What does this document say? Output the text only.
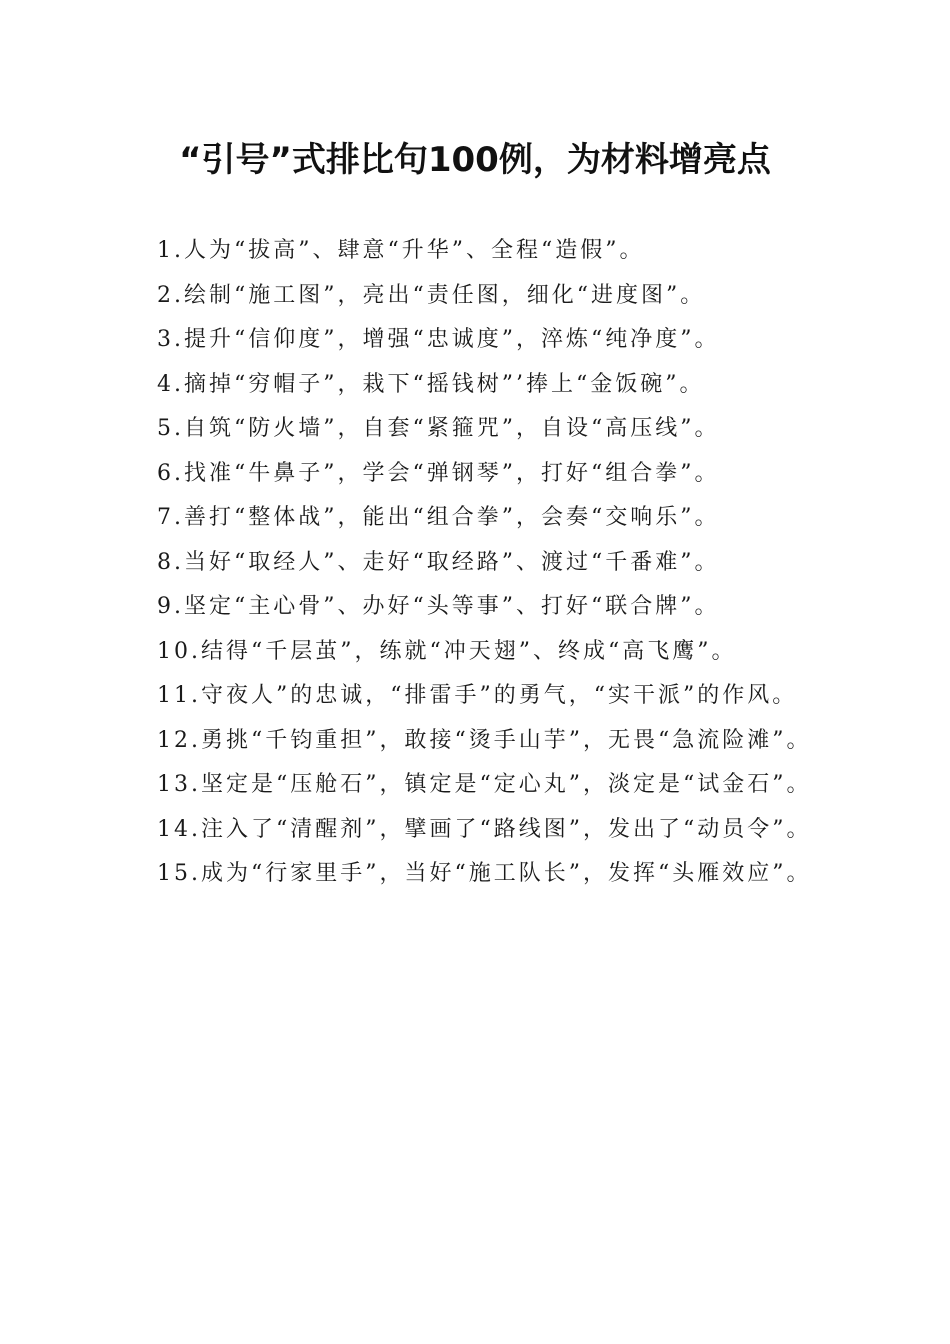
“引号”式排比句100例，为材料增亮点

1.人为“拔高”、肆意“升华”、全程“造假”。

2.绘制“施工图”，亮出“责任图，细化“进度图”。

3.提升“信仰度”，增强“忠诚度”，淬炼“纯净度”。

4.摘掉“穷帽子”，栽下“摇钱树”’捧上“金饭碗”。

5.自筑“防火墙”，自套“紧箍咒”，自设“高压线”。

6.找准“牛鼻子”，学会“弹钢琴”，打好“组合拳”。

7.善打“整体战”，能出“组合拳”，会奏“交响乐”。

8.当好“取经人”、走好“取经路”、渡过“千番难”。

9.坚定“主心骨”、办好“头等事”、打好“联合牌”。

10.结得“千层茧”，练就“冲天翅”、终成“高飞鹰”。

11.守夜人”的忠诚，“排雷手”的勇气，“实干派”的作风。

12.勇挑“千钧重担”，敢接“烫手山芋”，无畏“急流险滩”。

13.坚定是“压舱石”，镇定是“定心丸”，淡定是“试金石”。

14.注入了“清醒剂”，擘画了“路线图”，发出了“动员令”。

15.成为“行家里手”，当好“施工队长”，发挥“头雁效应”。
